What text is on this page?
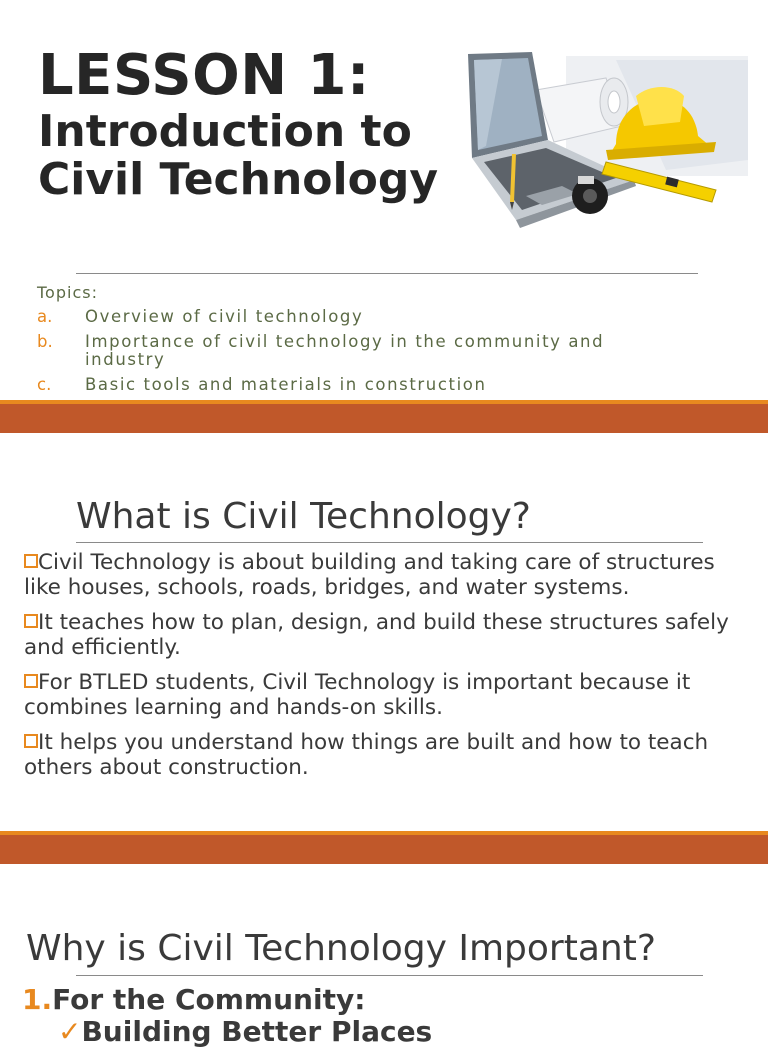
LESSON 1:
Introduction to Civil Technology
Topics:
a. Overview of civil technology
b. Importance of civil technology in the community and industry
c. Basic tools and materials in construction
What is Civil Technology?
Civil Technology is about building and taking care of structures like houses, schools, roads, bridges, and water systems.
It teaches how to plan, design, and build these structures safely and efficiently.
For BTLED students, Civil Technology is important because it combines learning and hands-on skills.
It helps you understand how things are built and how to teach others about construction.
Why is Civil Technology Important?
1.For the Community:
✓Building Better Places
